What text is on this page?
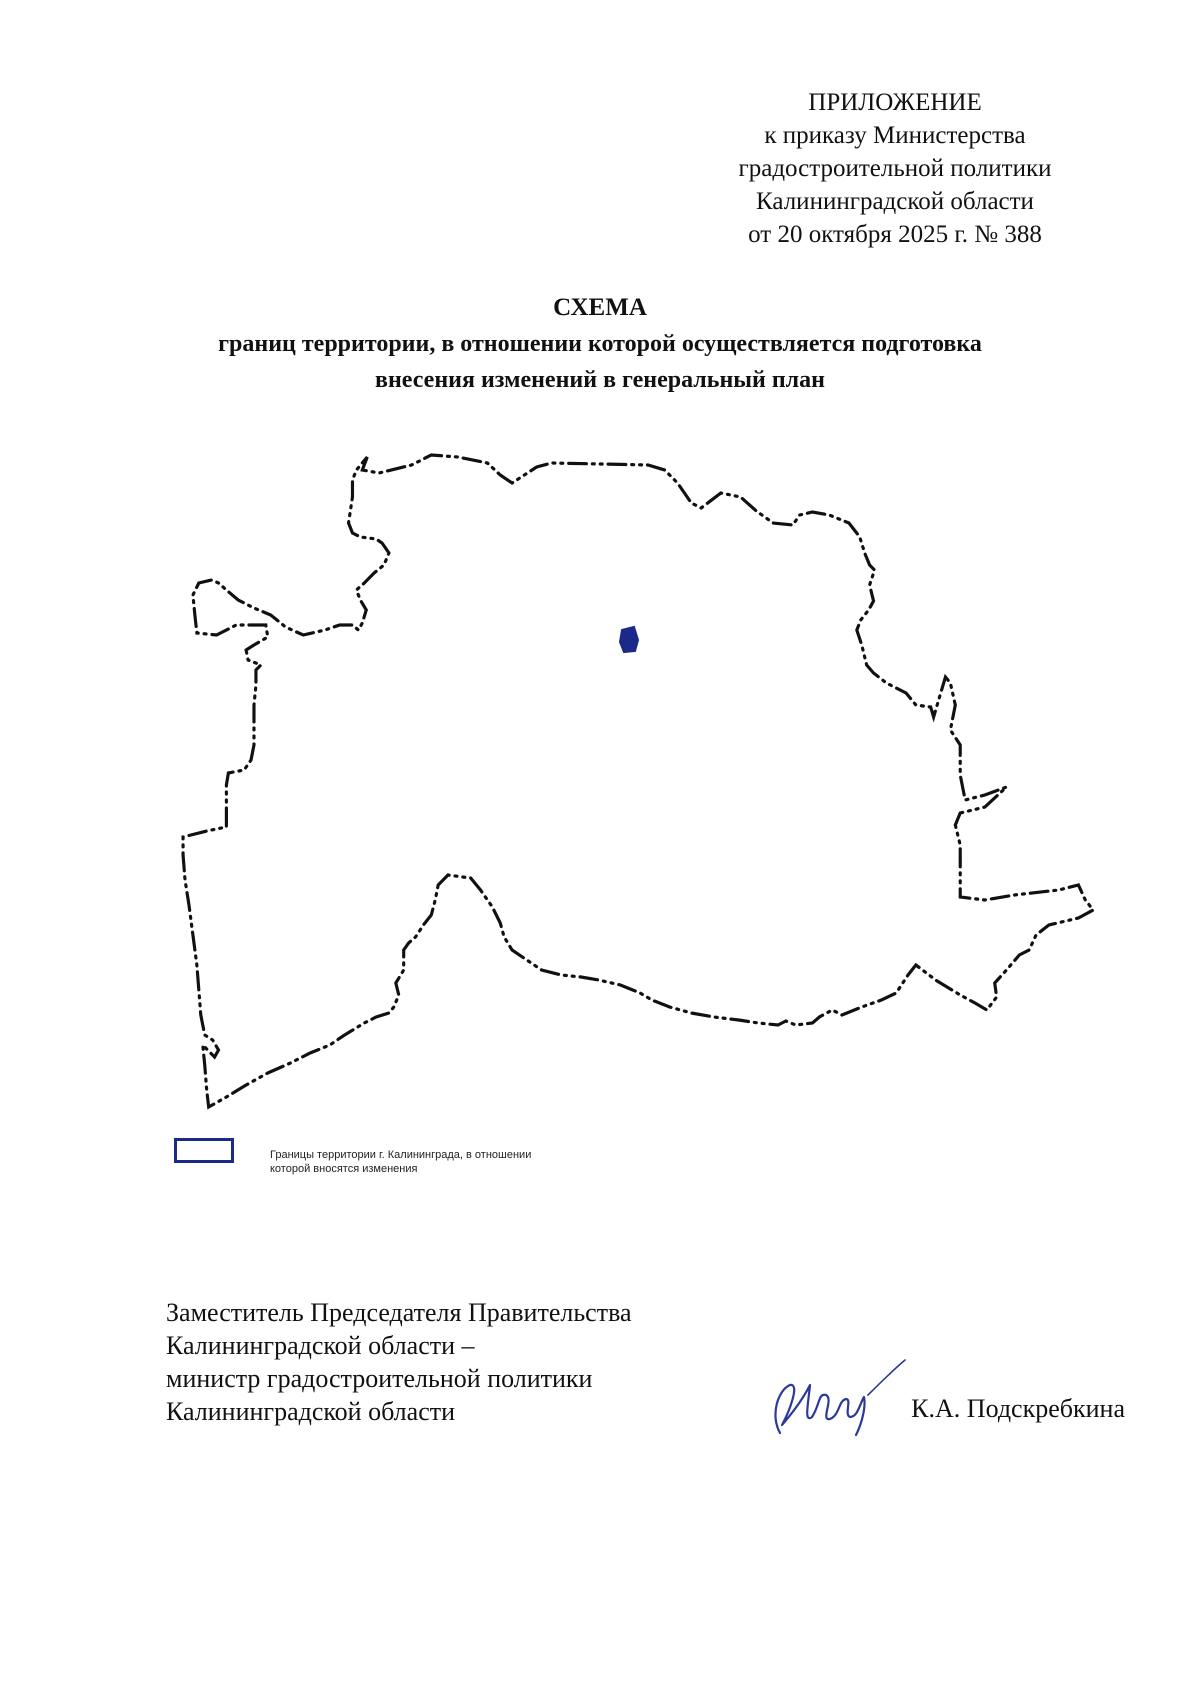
ПРИЛОЖЕНИЕ
к приказу Министерства
градостроительной политики
Калининградской области
от 20 октября 2025 г. № 388
СХЕМА
границ территории, в отношении которой осуществляется подготовка
внесения изменений в генеральный план
Границы территории г. Калининграда, в отношении
которой вносятся изменения
Заместитель Председателя Правительства
Калининградской области –
министр градостроительной политики
Калининградской области	К.А. Подскребкина
